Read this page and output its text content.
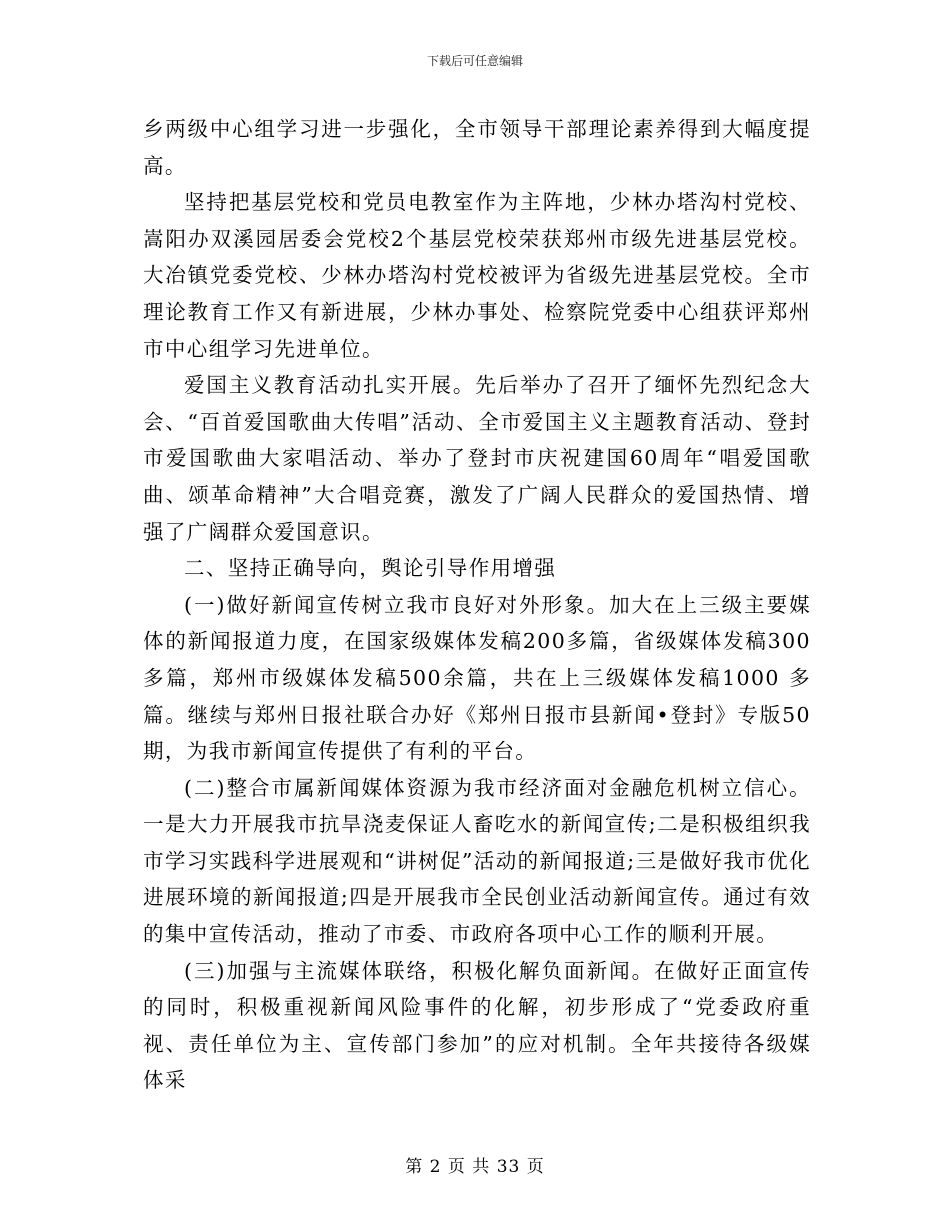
下载后可任意编辑

乡两级中心组学习进一步强化，全市领导干部理论素养得到大幅度提高。

坚持把基层党校和党员电教室作为主阵地，少林办塔沟村党校、嵩阳办双溪园居委会党校2个基层党校荣获郑州市级先进基层党校。大冶镇党委党校、少林办塔沟村党校被评为省级先进基层党校。全市理论教育工作又有新进展，少林办事处、检察院党委中心组获评郑州市中心组学习先进单位。

爱国主义教育活动扎实开展。先后举办了召开了缅怀先烈纪念大会、“百首爱国歌曲大传唱”活动、全市爱国主义主题教育活动、登封市爱国歌曲大家唱活动、举办了登封市庆祝建国60周年“唱爱国歌曲、颂革命精神”大合唱竞赛，激发了广阔人民群众的爱国热情、增强了广阔群众爱国意识。

二、坚持正确导向，舆论引导作用增强

(一)做好新闻宣传树立我市良好对外形象。加大在上三级主要媒体的新闻报道力度，在国家级媒体发稿200多篇，省级媒体发稿300多篇，郑州市级媒体发稿500余篇，共在上三级媒体发稿1000 多篇。继续与郑州日报社联合办好《郑州日报市县新闻•登封》专版50期，为我市新闻宣传提供了有利的平台。

(二)整合市属新闻媒体资源为我市经济面对金融危机树立信心。一是大力开展我市抗旱浇麦保证人畜吃水的新闻宣传;二是积极组织我市学习实践科学进展观和“讲树促”活动的新闻报道;三是做好我市优化进展环境的新闻报道;四是开展我市全民创业活动新闻宣传。通过有效的集中宣传活动，推动了市委、市政府各项中心工作的顺利开展。

(三)加强与主流媒体联络，积极化解负面新闻。在做好正面宣传的同时，积极重视新闻风险事件的化解，初步形成了“党委政府重视、责任单位为主、宣传部门参加”的应对机制。全年共接待各级媒体采

第 2 页 共 33 页
